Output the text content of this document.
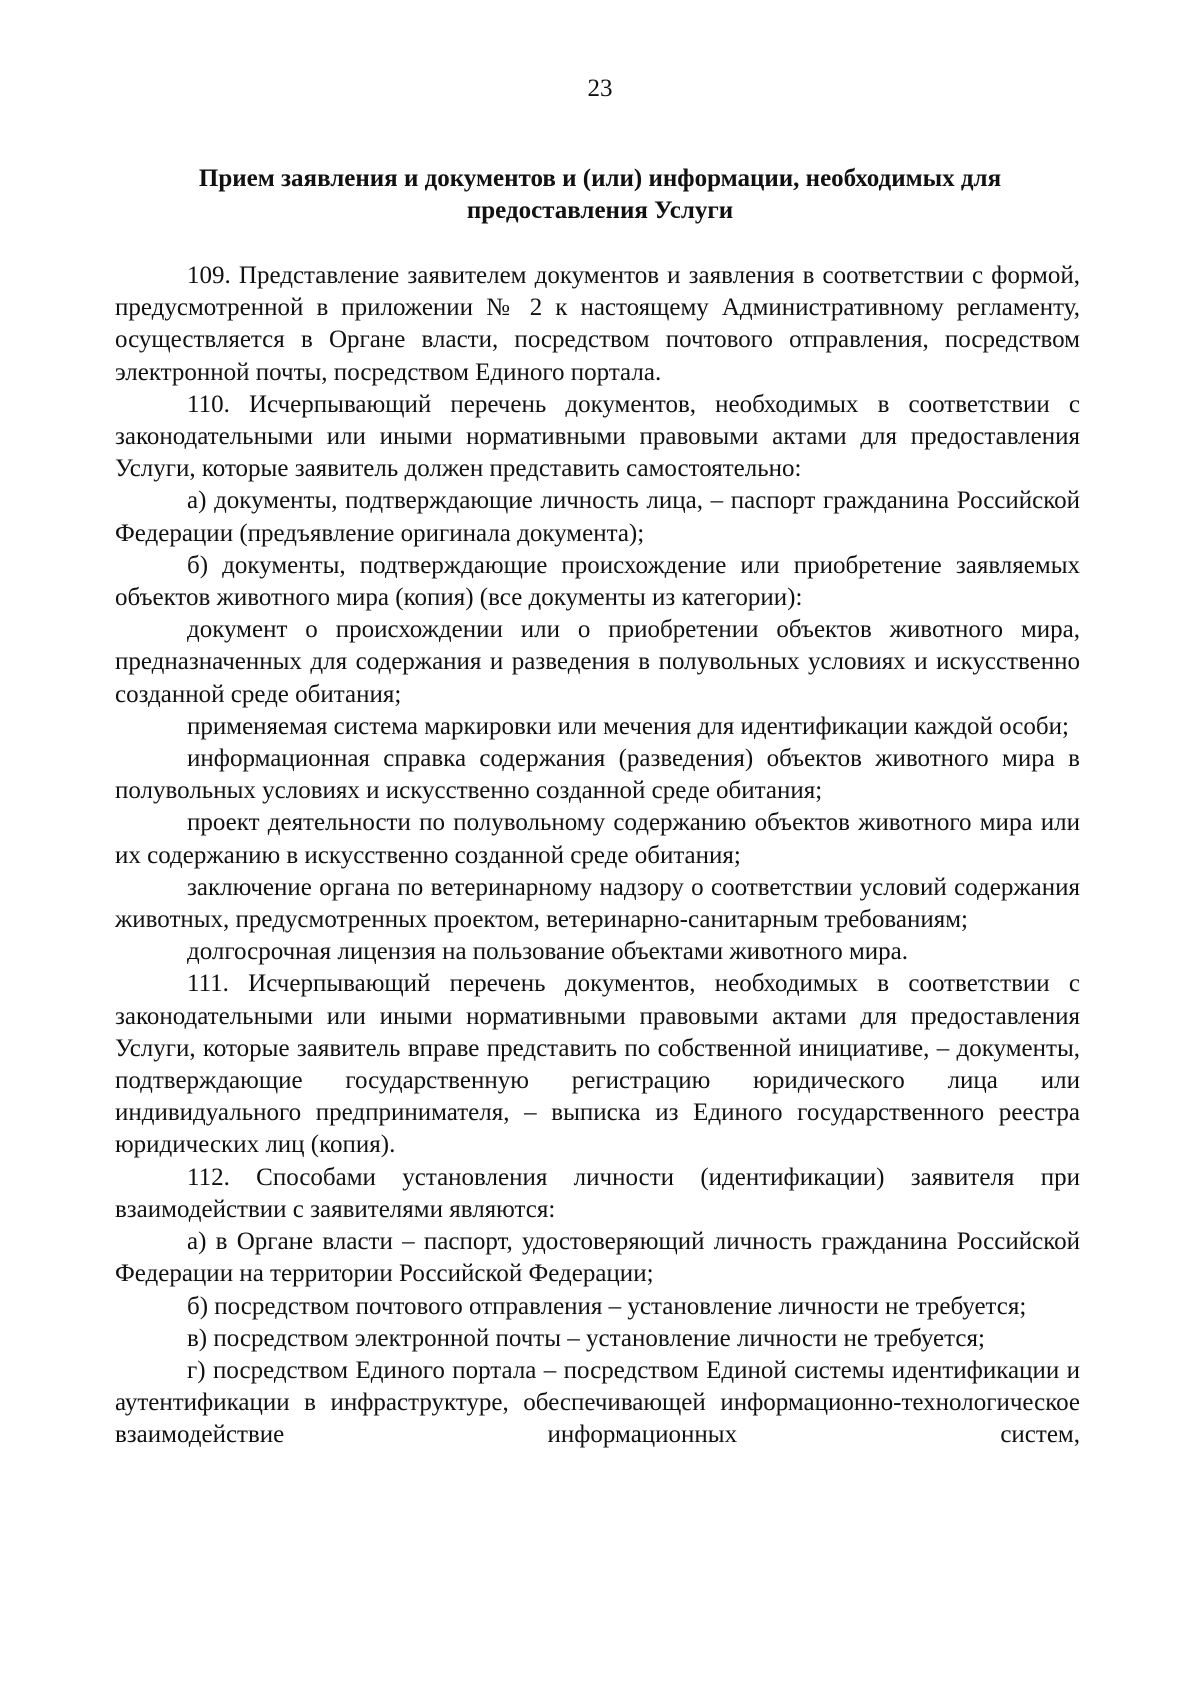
23
Прием заявления и документов и (или) информации, необходимых для предоставления Услуги

109. Представление заявителем документов и заявления в соответствии с формой, предусмотренной в приложении № 2 к настоящему Административному регламенту, осуществляется в Органе власти, посредством почтового отправления, посредством электронной почты, посредством Единого портала.

110. Исчерпывающий перечень документов, необходимых в соответствии с законодательными или иными нормативными правовыми актами для предоставления Услуги, которые заявитель должен представить самостоятельно:

а) документы, подтверждающие личность лица, – паспорт гражданина Российской Федерации (предъявление оригинала документа);

б) документы, подтверждающие происхождение или приобретение заявляемых объектов животного мира (копия) (все документы из категории):

документ о происхождении или о приобретении объектов животного мира, предназначенных для содержания и разведения в полувольных условиях и искусственно созданной среде обитания;

применяемая система маркировки или мечения для идентификации каждой особи;

информационная справка содержания (разведения) объектов животного мира в полувольных условиях и искусственно созданной среде обитания;

проект деятельности по полувольному содержанию объектов животного мира или их содержанию в искусственно созданной среде обитания;

заключение органа по ветеринарному надзору о соответствии условий содержания животных, предусмотренных проектом, ветеринарно-санитарным требованиям;

долгосрочная лицензия на пользование объектами животного мира.

111. Исчерпывающий перечень документов, необходимых в соответствии с законодательными или иными нормативными правовыми актами для предоставления Услуги, которые заявитель вправе представить по собственной инициативе, – документы, подтверждающие государственную регистрацию юридического лица или индивидуального предпринимателя, – выписка из Единого государственного реестра юридических лиц (копия).

112. Способами установления личности (идентификации) заявителя при взаимодействии с заявителями являются:

а) в Органе власти – паспорт, удостоверяющий личность гражданина Российской Федерации на территории Российской Федерации;

б) посредством почтового отправления – установление личности не требуется;

в) посредством электронной почты – установление личности не требуется;

г) посредством Единого портала – посредством Единой системы идентификации и аутентификации в инфраструктуре, обеспечивающей информационно-технологическое взаимодействие информационных систем,
